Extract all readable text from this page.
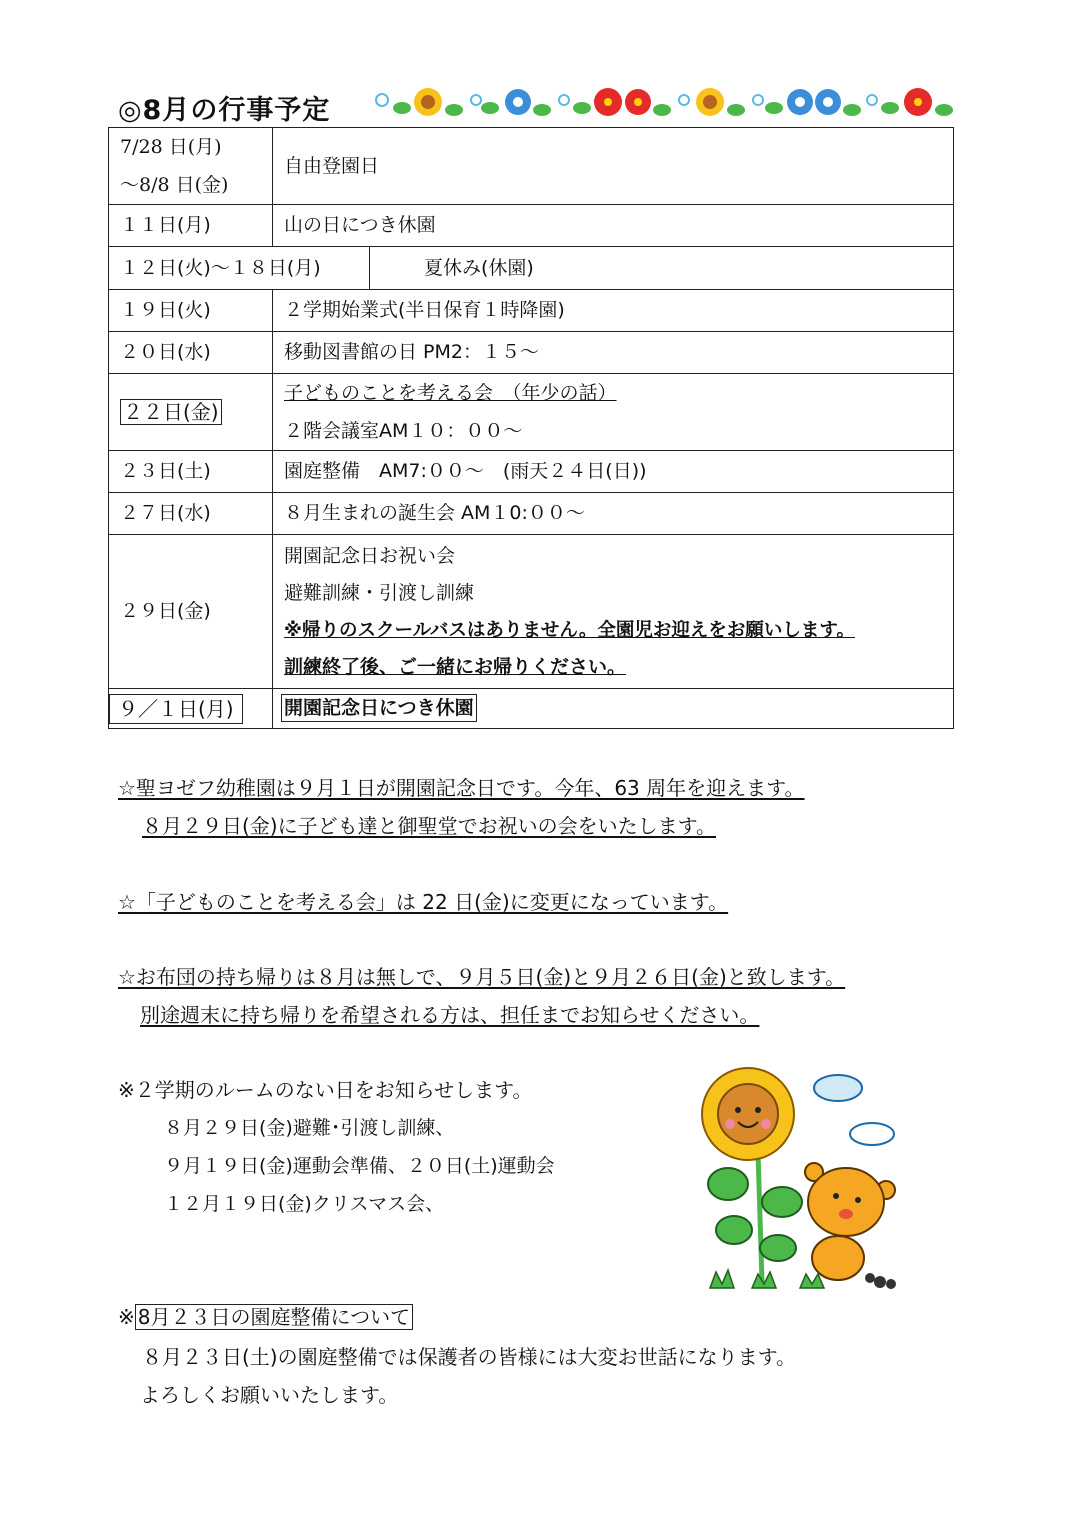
◎8月の行事予定
7/28 日(月)
～8/8 日(金)	自由登園日
１１日(月)	山の日につき休園

１２日(火)～１８日(月) 夏休み(休園)	

１９日(火)	２学期始業式(半日保育１時降園)
２０日(水)	移動図書館の日 PM2：１５～
２２日(金)	子どものことを考える会　（年少の話）
２階会議室AM１０：００～

２３日(土)	園庭整備　AM7:００～　(雨天２４日(日))
２７日(水)	８月生まれの誕生会 AM１0:００～
２９日(金)	開園記念日お祝い会
避難訓練・引渡し訓練
※帰りのスクールバスはありません。全園児お迎えをお願いします。
訓練終了後、ご一緒にお帰りください。

９／１日(月)	開園記念日につき休園
☆聖ヨゼフ幼稚園は９月１日が開園記念日です。今年、63 周年を迎えます。
８月２９日(金)に子ども達と御聖堂でお祝いの会をいたします。
☆「子どものことを考える会」は 22 日(金)に変更になっています。
☆お布団の持ち帰りは８月は無しで、９月５日(金)と９月２６日(金)と致します。
別途週末に持ち帰りを希望される方は、担任までお知らせください。
※２学期のルームのない日をお知らせします。
８月２９日(金)避難･引渡し訓練、
９月１９日(金)運動会準備、２０日(土)運動会
１２月１９日(金)クリスマス会、
※ 8月２３日の園庭整備について
８月２３日(土)の園庭整備では保護者の皆様には大変お世話になります。
よろしくお願いいたします。
